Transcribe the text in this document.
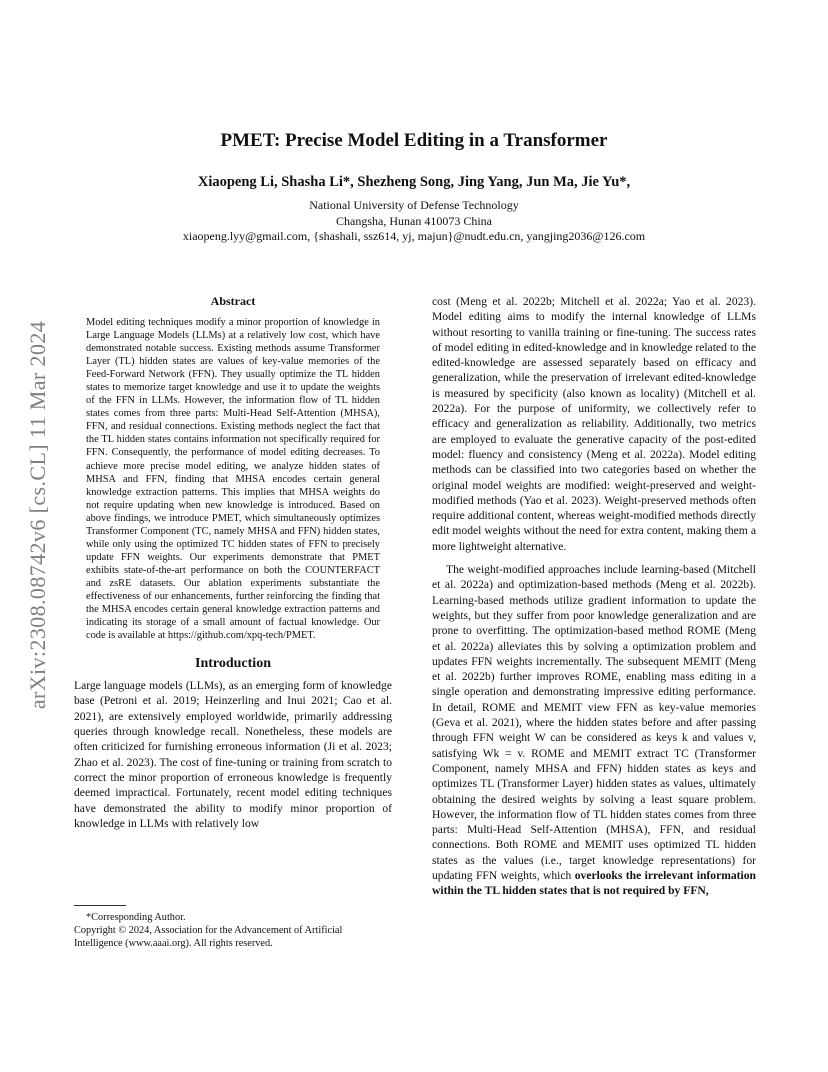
arXiv:2308.08742v6 [cs.CL] 11 Mar 2024
PMET: Precise Model Editing in a Transformer
Xiaopeng Li, Shasha Li*, Shezheng Song, Jing Yang, Jun Ma, Jie Yu*,
National University of Defense Technology
Changsha, Hunan 410073 China
xiaopeng.lyy@gmail.com, {shashali, ssz614, yj, majun}@nudt.edu.cn, yangjing2036@126.com
Abstract

Model editing techniques modify a minor proportion of knowledge in Large Language Models (LLMs) at a relatively low cost, which have demonstrated notable success. Existing methods assume Transformer Layer (TL) hidden states are values of key-value memories of the Feed-Forward Network (FFN). They usually optimize the TL hidden states to memorize target knowledge and use it to update the weights of the FFN in LLMs. However, the information flow of TL hidden states comes from three parts: Multi-Head Self-Attention (MHSA), FFN, and residual connections. Existing methods neglect the fact that the TL hidden states contains information not specifically required for FFN. Consequently, the performance of model editing decreases. To achieve more precise model editing, we analyze hidden states of MHSA and FFN, finding that MHSA encodes certain general knowledge extraction patterns. This implies that MHSA weights do not require updating when new knowledge is introduced. Based on above findings, we introduce PMET, which simultaneously optimizes Transformer Component (TC, namely MHSA and FFN) hidden states, while only using the optimized TC hidden states of FFN to precisely update FFN weights. Our experiments demonstrate that PMET exhibits state-of-the-art performance on both the COUNTERFACT and zsRE datasets. Our ablation experiments substantiate the effectiveness of our enhancements, further reinforcing the finding that the MHSA encodes certain general knowledge extraction patterns and indicating its storage of a small amount of factual knowledge. Our code is available at https://github.com/xpq-tech/PMET.

Introduction

Large language models (LLMs), as an emerging form of knowledge base (Petroni et al. 2019; Heinzerling and Inui 2021; Cao et al. 2021), are extensively employed worldwide, primarily addressing queries through knowledge recall. Nonetheless, these models are often criticized for furnishing erroneous information (Ji et al. 2023; Zhao et al. 2023). The cost of fine-tuning or training from scratch to correct the minor proportion of erroneous knowledge is frequently deemed impractical. Fortunately, recent model editing techniques have demonstrated the ability to modify minor proportion of knowledge in LLMs with relatively low

cost (Meng et al. 2022b; Mitchell et al. 2022a; Yao et al. 2023). Model editing aims to modify the internal knowledge of LLMs without resorting to vanilla training or fine-tuning. The success rates of model editing in edited-knowledge and in knowledge related to the edited-knowledge are assessed separately based on efficacy and generalization, while the preservation of irrelevant edited-knowledge is measured by specificity (also known as locality) (Mitchell et al. 2022a). For the purpose of uniformity, we collectively refer to efficacy and generalization as reliability. Additionally, two metrics are employed to evaluate the generative capacity of the post-edited model: fluency and consistency (Meng et al. 2022a). Model editing methods can be classified into two categories based on whether the original model weights are modified: weight-preserved and weight-modified methods (Yao et al. 2023). Weight-preserved methods often require additional content, whereas weight-modified methods directly edit model weights without the need for extra content, making them a more lightweight alternative.

The weight-modified approaches include learning-based (Mitchell et al. 2022a) and optimization-based methods (Meng et al. 2022b). Learning-based methods utilize gradient information to update the weights, but they suffer from poor knowledge generalization and are prone to overfitting. The optimization-based method ROME (Meng et al. 2022a) alleviates this by solving a optimization problem and updates FFN weights incrementally. The subsequent MEMIT (Meng et al. 2022b) further improves ROME, enabling mass editing in a single operation and demonstrating impressive editing performance. In detail, ROME and MEMIT view FFN as key-value memories (Geva et al. 2021), where the hidden states before and after passing through FFN weight W can be considered as keys k and values v, satisfying Wk = v. ROME and MEMIT extract TC (Transformer Component, namely MHSA and FFN) hidden states as keys and optimizes TL (Transformer Layer) hidden states as values, ultimately obtaining the desired weights by solving a least square problem. However, the information flow of TL hidden states comes from three parts: Multi-Head Self-Attention (MHSA), FFN, and residual connections. Both ROME and MEMIT uses optimized TL hidden states as the values (i.e., target knowledge representations) for updating FFN weights, which overlooks the irrelevant information within the TL hidden states that is not required by FFN,

*Corresponding Author.
Copyright © 2024, Association for the Advancement of Artificial Intelligence (www.aaai.org). All rights reserved.
